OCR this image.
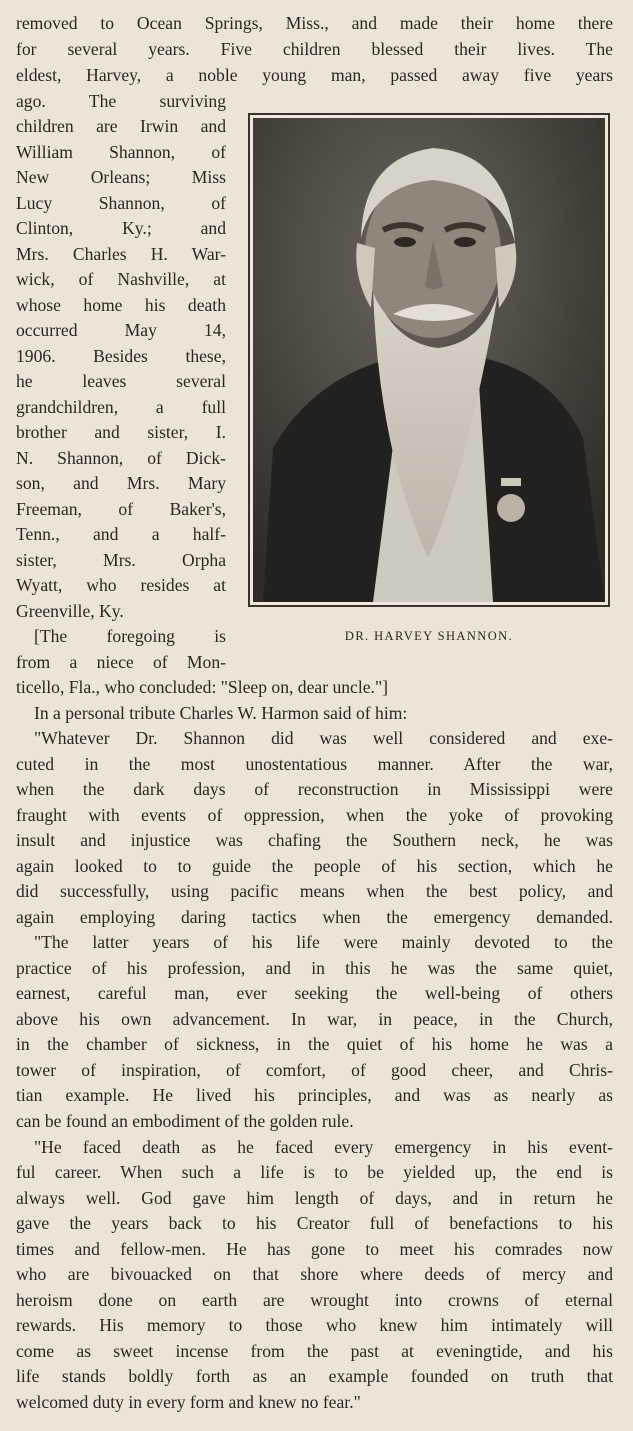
removed to Ocean Springs, Miss., and made their home there
for several years. Five children blessed their lives. The
eldest, Harvey, a noble young man, passed away five years
ago. The surviving
children are Irwin and
William Shannon, of
New Orleans; Miss
Lucy Shannon, of
Clinton, Ky.; and
Mrs. Charles H. War-
wick, of Nashville, at
whose home his death
occurred May 14,
1906. Besides these,
he leaves several
grandchildren, a full
brother and sister, I.
N. Shannon, of Dick-
son, and Mrs. Mary
Freeman, of Baker's,
Tenn., and a half-
sister, Mrs. Orpha
Wyatt, who resides at
Greenville, Ky.
[The foregoing is
from a niece of Mon-
DR. HARVEY SHANNON.
ticello, Fla., who concluded: "Sleep on, dear uncle."]
In a personal tribute Charles W. Harmon said of him:
"Whatever Dr. Shannon did was well considered and exe-
cuted in the most unostentatious manner. After the war,
when the dark days of reconstruction in Mississippi were
fraught with events of oppression, when the yoke of provoking
insult and injustice was chafing the Southern neck, he was
again looked to to guide the people of his section, which he
did successfully, using pacific means when the best policy, and
again employing daring tactics when the emergency demanded.
"The latter years of his life were mainly devoted to the
practice of his profession, and in this he was the same quiet,
earnest, careful man, ever seeking the well-being of others
above his own advancement. In war, in peace, in the Church,
in the chamber of sickness, in the quiet of his home he was a
tower of inspiration, of comfort, of good cheer, and Chris-
tian example. He lived his principles, and was as nearly as
can be found an embodiment of the golden rule.
"He faced death as he faced every emergency in his event-
ful career. When such a life is to be yielded up, the end is
always well. God gave him length of days, and in return he
gave the years back to his Creator full of benefactions to his
times and fellow-men. He has gone to meet his comrades now
who are bivouacked on that shore where deeds of mercy and
heroism done on earth are wrought into crowns of eternal
rewards. His memory to those who knew him intimately will
come as sweet incense from the past at eveningtide, and his
life stands boldly forth as an example founded on truth that
welcomed duty in every form and knew no fear."
